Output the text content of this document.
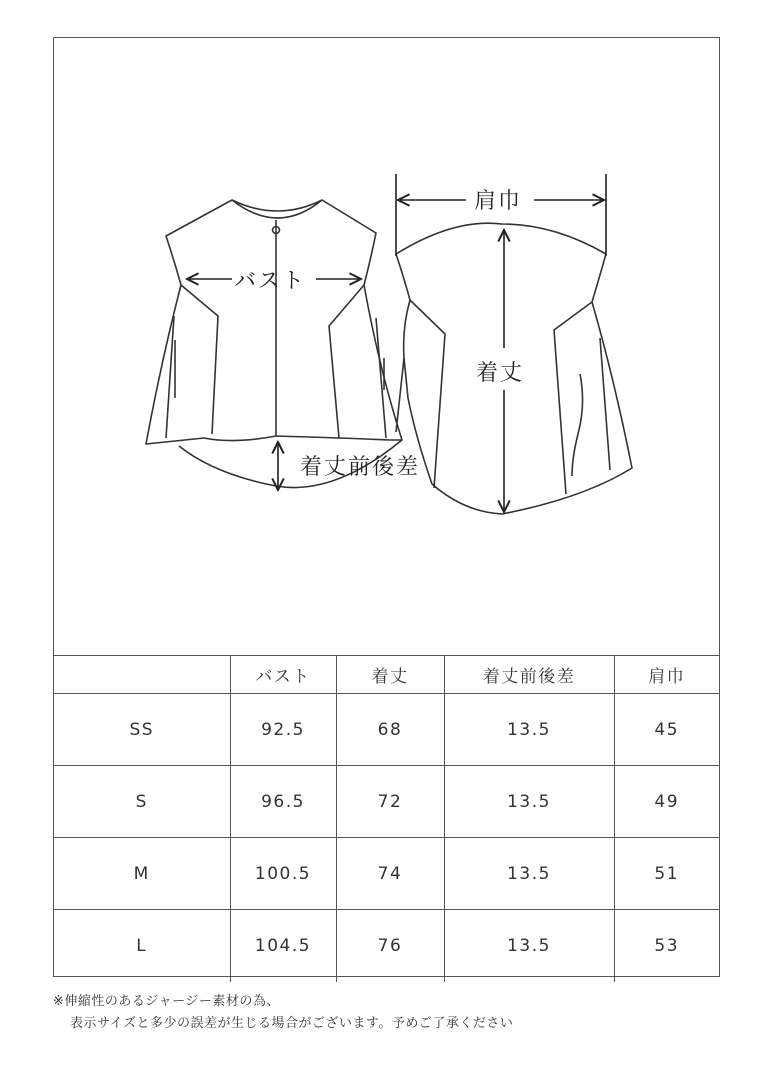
バスト
着丈前後差
肩巾
着丈
	バスト	着丈	着丈前後差	肩巾
SS	92.5	68	13.5	45
S	96.5	72	13.5	49
M	100.5	74	13.5	51
L	104.5	76	13.5	53
※伸縮性のあるジャージー素材の為、
表示サイズと多少の誤差が生じる場合がございます。予めご了承ください
